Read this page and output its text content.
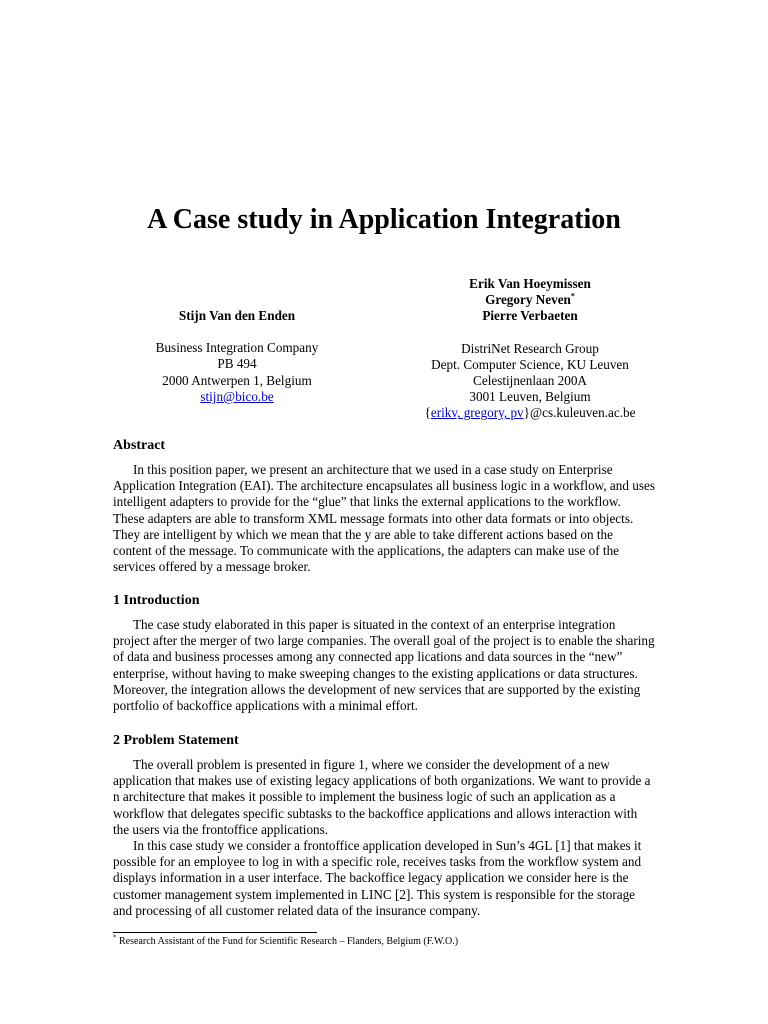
A Case study in Application Integration
Stijn Van den Enden
Business Integration Company
PB 494
2000 Antwerpen 1, Belgium
stijn@bico.be
Erik Van Hoeymissen
Gregory Neven*
Pierre Verbaeten
DistriNet Research Group
Dept. Computer Science, KU Leuven
Celestijnenlaan 200A
3001 Leuven, Belgium
{erikv, gregory, pv}@cs.kuleuven.ac.be
Abstract

In this position paper, we present an architecture that we used in a case study on Enterprise Application Integration (EAI). The architecture encapsulates all business logic in a workflow, and uses intelligent adapters to provide for the “glue” that links the external applications to the workflow. These adapters are able to transform XML message formats into other data formats or into objects. They are intelligent by which we mean that the y are able to take different actions based on the content of the message. To communicate with the applications, the adapters can make use of the services offered by a message broker.

1 Introduction

The case study elaborated in this paper is situated in the context of an enterprise integration project after the merger of two large companies. The overall goal of the project is to enable the sharing of data and business processes among any connected app lications and data sources in the “new” enterprise, without having to make sweeping changes to the existing applications or data structures. Moreover, the integration allows the development of new services that are supported by the existing portfolio of backoffice applications with a minimal effort.

2 Problem Statement

The overall problem is presented in figure 1, where we consider the development of a new application that makes use of existing legacy applications of both organizations. We want to provide a n architecture that makes it possible to implement the business logic of such an application as a workflow that delegates specific subtasks to the backoffice applications and allows interaction with the users via the frontoffice applications.

In this case study we consider a frontoffice application developed in Sun’s 4GL [1] that makes it possible for an employee to log in with a specific role, receives tasks from the workflow system and displays information in a user interface. The backoffice legacy application we consider here is the customer management system implemented in LINC [2]. This system is responsible for the storage and processing of all customer related data of the insurance company.

* Research Assistant of the Fund for Scientific Research – Flanders, Belgium (F.W.O.)
